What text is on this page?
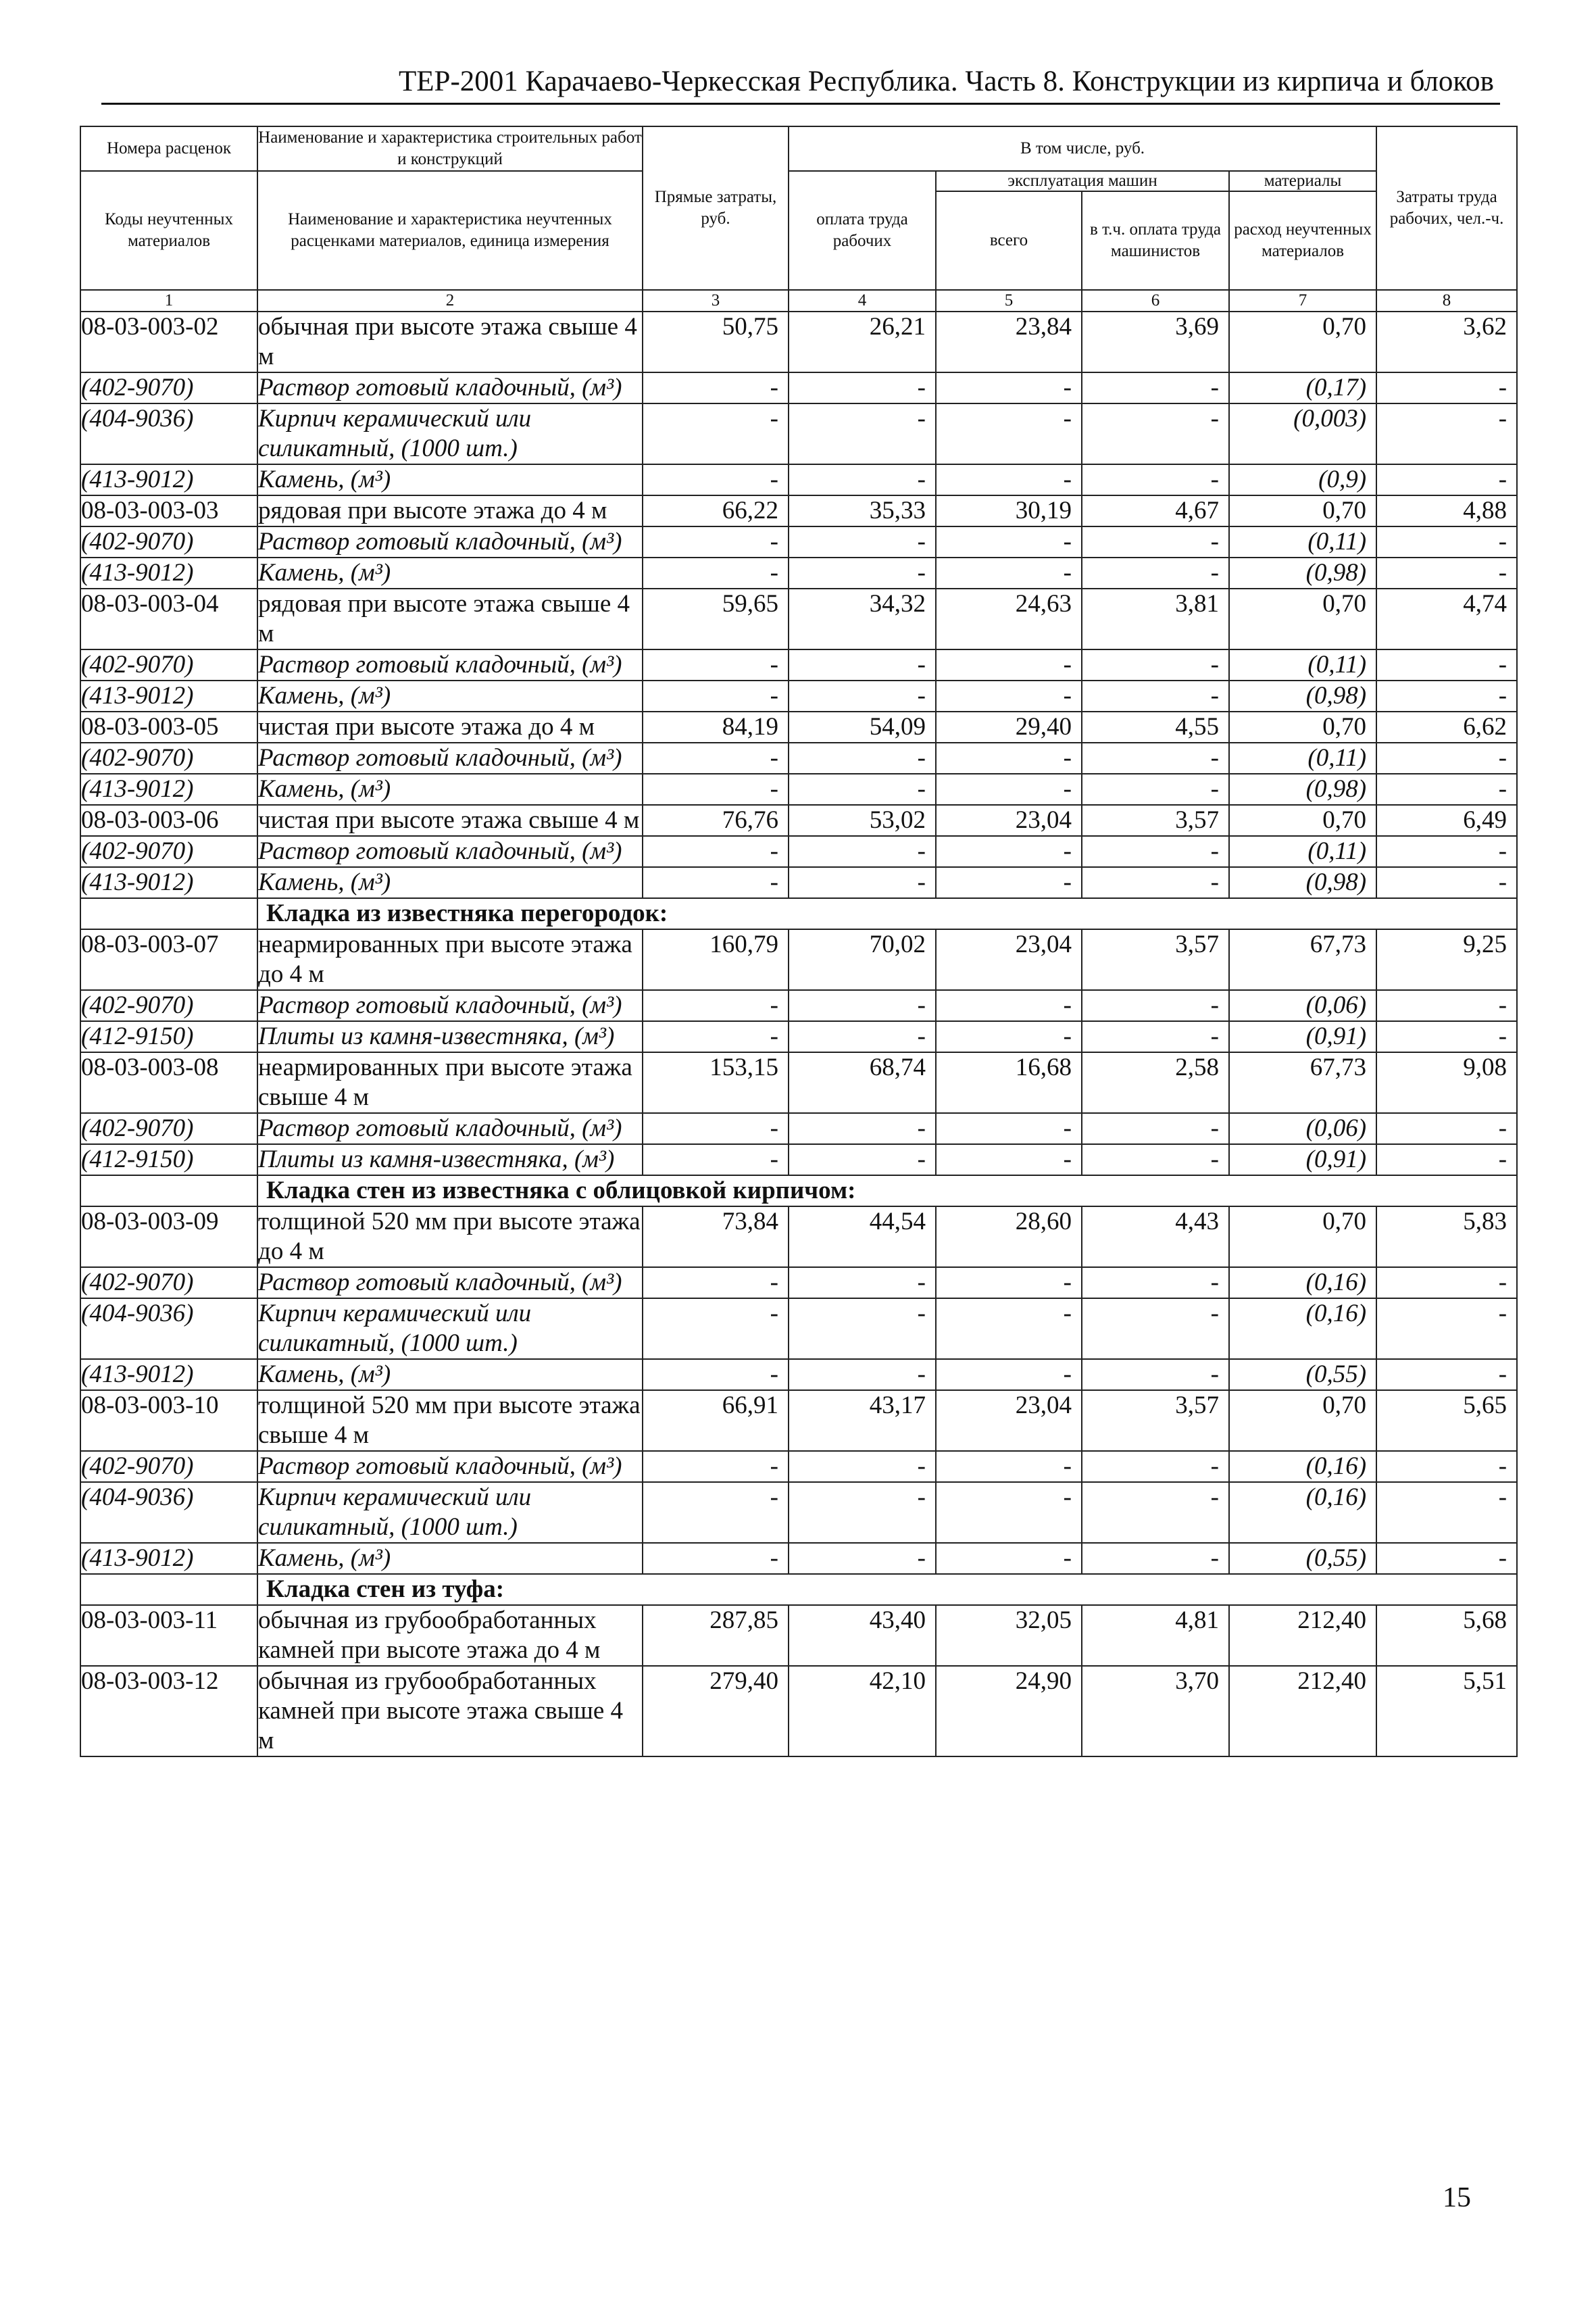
ТЕР-2001 Карачаево-Черкесская Республика. Часть 8. Конструкции из кирпича и блоков
Номера расценок	Наименование и характеристика строительных работ и конструкций	Прямые затраты, руб.	В том числе, руб.				Затраты труда рабочих, чел.-ч.
Коды неучтенных материалов	Наименование и характеристика неучтенных расценками материалов, единица измерения		оплата труда рабочих	эксплуатация машин		материалы	
				всего	в т.ч. оплата труда машинистов	расход неучтенных материалов	
1	2	3	4	5	6	7	8
08-03-003-02	обычная при высоте этажа свыше 4 м	50,75	26,21	23,84	3,69	0,70	3,62
(402-9070)	Раствор готовый кладочный, (м³)	-	-	-	-	(0,17)	-
(404-9036)	Кирпич керамический или силикатный, (1000 шт.)	-	-	-	-	(0,003)	-
(413-9012)	Камень, (м³)	-	-	-	-	(0,9)	-
08-03-003-03	рядовая при высоте этажа до 4 м	66,22	35,33	30,19	4,67	0,70	4,88
(402-9070)	Раствор готовый кладочный, (м³)	-	-	-	-	(0,11)	-
(413-9012)	Камень, (м³)	-	-	-	-	(0,98)	-
08-03-003-04	рядовая при высоте этажа свыше 4 м	59,65	34,32	24,63	3,81	0,70	4,74
(402-9070)	Раствор готовый кладочный, (м³)	-	-	-	-	(0,11)	-
(413-9012)	Камень, (м³)	-	-	-	-	(0,98)	-
08-03-003-05	чистая при высоте этажа до 4 м	84,19	54,09	29,40	4,55	0,70	6,62
(402-9070)	Раствор готовый кладочный, (м³)	-	-	-	-	(0,11)	-
(413-9012)	Камень, (м³)	-	-	-	-	(0,98)	-
08-03-003-06	чистая при высоте этажа свыше 4 м	76,76	53,02	23,04	3,57	0,70	6,49
(402-9070)	Раствор готовый кладочный, (м³)	-	-	-	-	(0,11)	-
(413-9012)	Камень, (м³)	-	-	-	-	(0,98)	-
	Кладка из известняка перегородок:						
08-03-003-07	неармированных при высоте этажа до 4 м	160,79	70,02	23,04	3,57	67,73	9,25
(402-9070)	Раствор готовый кладочный, (м³)	-	-	-	-	(0,06)	-
(412-9150)	Плиты из камня-известняка, (м³)	-	-	-	-	(0,91)	-
08-03-003-08	неармированных при высоте этажа свыше 4 м	153,15	68,74	16,68	2,58	67,73	9,08
(402-9070)	Раствор готовый кладочный, (м³)	-	-	-	-	(0,06)	-
(412-9150)	Плиты из камня-известняка, (м³)	-	-	-	-	(0,91)	-
	Кладка стен из известняка с облицовкой кирпичом:						
08-03-003-09	толщиной 520 мм при высоте этажа до 4 м	73,84	44,54	28,60	4,43	0,70	5,83
(402-9070)	Раствор готовый кладочный, (м³)	-	-	-	-	(0,16)	-
(404-9036)	Кирпич керамический или силикатный, (1000 шт.)	-	-	-	-	(0,16)	-
(413-9012)	Камень, (м³)	-	-	-	-	(0,55)	-
08-03-003-10	толщиной 520 мм при высоте этажа свыше 4 м	66,91	43,17	23,04	3,57	0,70	5,65
(402-9070)	Раствор готовый кладочный, (м³)	-	-	-	-	(0,16)	-
(404-9036)	Кирпич керамический или силикатный, (1000 шт.)	-	-	-	-	(0,16)	-
(413-9012)	Камень, (м³)	-	-	-	-	(0,55)	-
	Кладка стен из туфа:						
08-03-003-11	обычная из грубообработанных камней при высоте этажа до 4 м	287,85	43,40	32,05	4,81	212,40	5,68
08-03-003-12	обычная из грубообработанных камней при высоте этажа свыше 4 м	279,40	42,10	24,90	3,70	212,40	5,51
15
